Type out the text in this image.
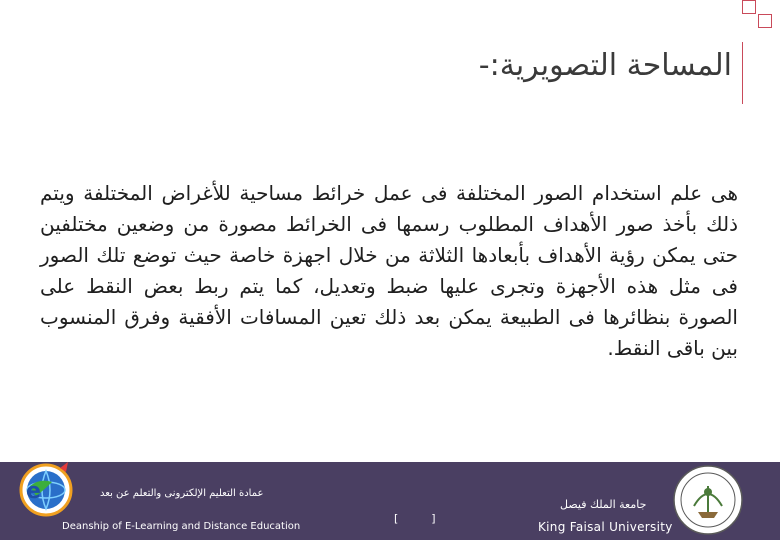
المساحة التصويرية:-
هى علم استخدام الصور المختلفة فى عمل خرائط مساحية للأغراض المختلفة ويتم ذلك بأخذ صور الأهداف المطلوب رسمها فى الخرائط مصورة من وضعين مختلفين حتى يمكن رؤية الأهداف بأبعادها الثلاثة من خلال اجهزة خاصة حيث توضع تلك الصور فى مثل هذه الأجهزة وتجرى عليها ضبط وتعديل، كما يتم ربط بعض النقط على الصورة بنظائرها فى الطبيعة يمكن بعد ذلك تعين المسافات الأفقية وفرق المنسوب بين باقى النقط.
عمادة التعليم الإلكترونى والتعلم عن بعد
Deanship of E-Learning and Distance Education
[	]
جامعة الملك فيصل
King Faisal University
e
